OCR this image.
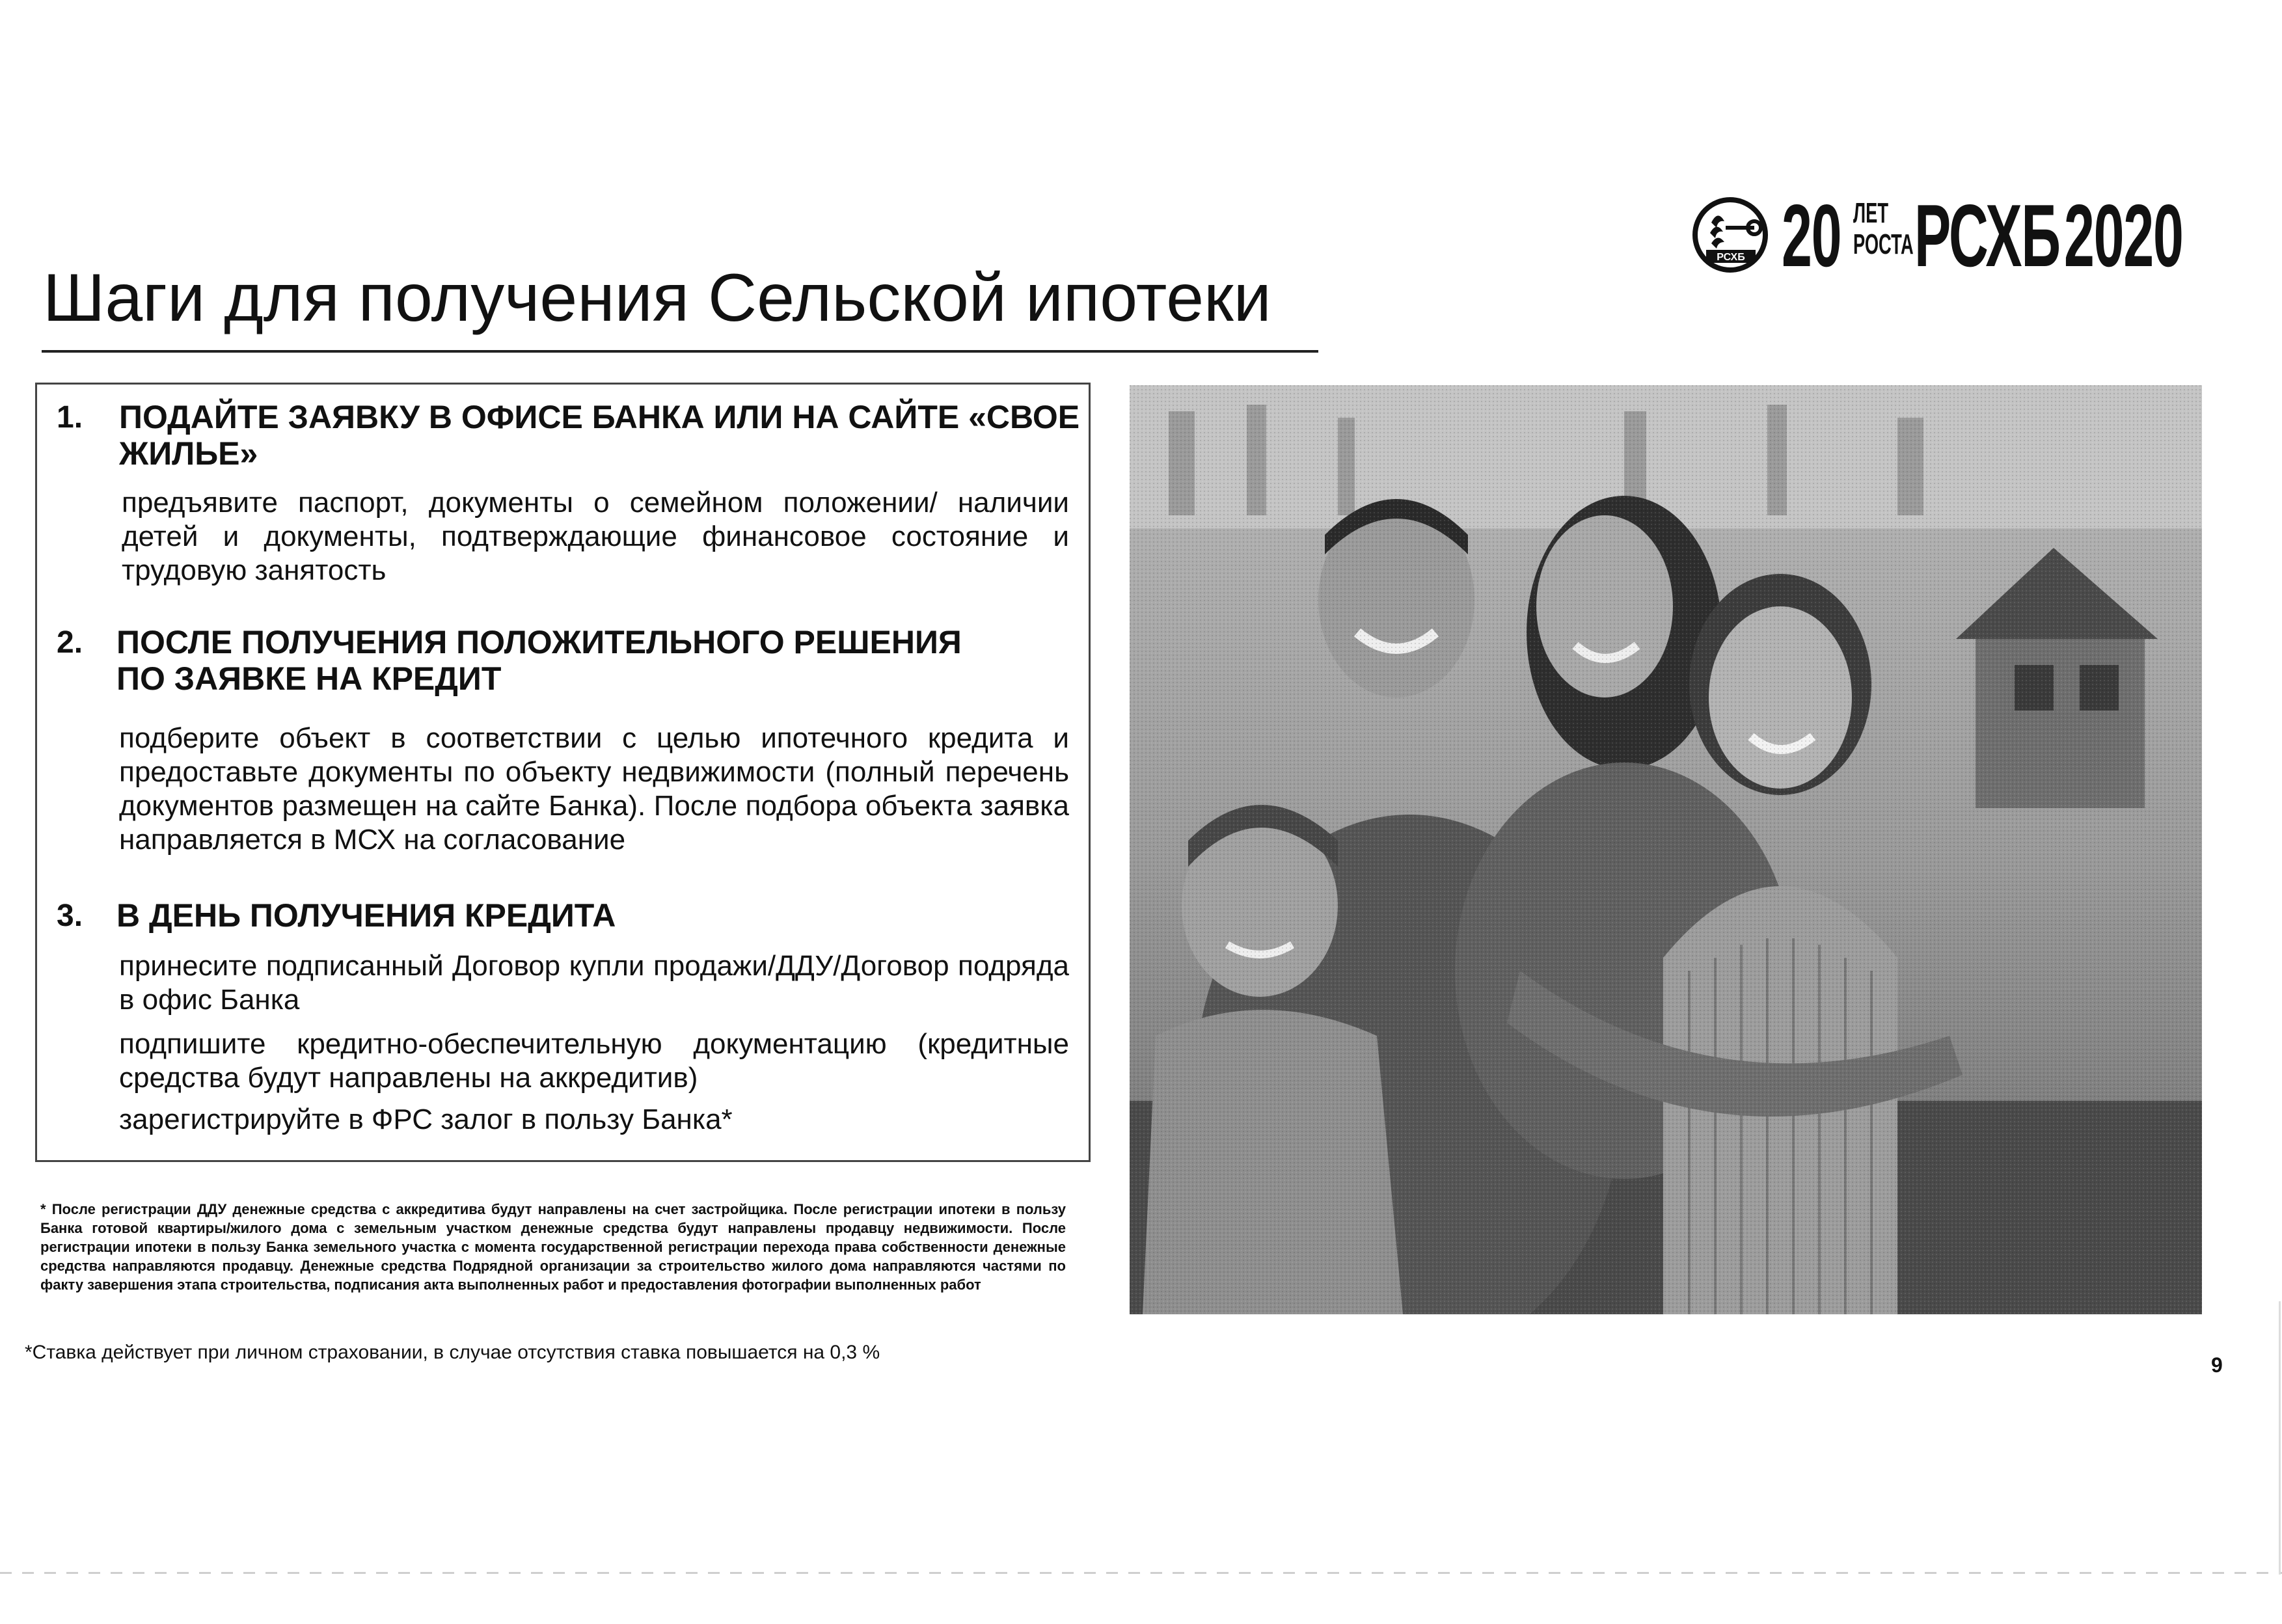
РСХБ 20 ЛЕТ
РОСТА РСХБ 2020
Шаги для получения Сельской ипотеки
1. ПОДАЙТЕ ЗАЯВКУ В ОФИСЕ БАНКА ИЛИ НА САЙТЕ «СВОЕ
ЖИЛЬЕ»
предъявите паспорт, документы о семейном положении/ наличии детей и документы, подтверждающие финансовое состояние и трудовую занятость
2. ПОСЛЕ ПОЛУЧЕНИЯ ПОЛОЖИТЕЛЬНОГО РЕШЕНИЯ
ПО ЗАЯВКЕ НА КРЕДИТ
подберите объект в соответствии с целью ипотечного кредита и предоставьте документы по объекту недвижимости (полный перечень документов размещен на сайте Банка). После подбора объекта заявка направляется в МСХ на согласование
3. В ДЕНЬ ПОЛУЧЕНИЯ КРЕДИТА
принесите подписанный Договор купли продажи/ДДУ/Договор подряда в офис Банка
подпишите кредитно-обеспечительную документацию (кредитные средства будут направлены на аккредитив)
зарегистрируйте в ФРС залог в пользу Банка*
* После регистрации ДДУ денежные средства с аккредитива будут направлены на счет застройщика. После регистрации ипотеки в пользу Банка готовой квартиры/жилого дома с земельным участком денежные средства будут направлены продавцу недвижимости. После регистрации ипотеки в пользу Банка земельного участка с момента государственной регистрации перехода права собственности денежные средства направляются продавцу. Денежные средства Подрядной организации за строительство жилого дома направляются частями по факту завершения этапа строительства, подписания акта выполненных работ и предоставления фотографии выполненных работ
*Ставка действует при личном страховании, в случае отсутствия ставка повышается на 0,3 %
9
